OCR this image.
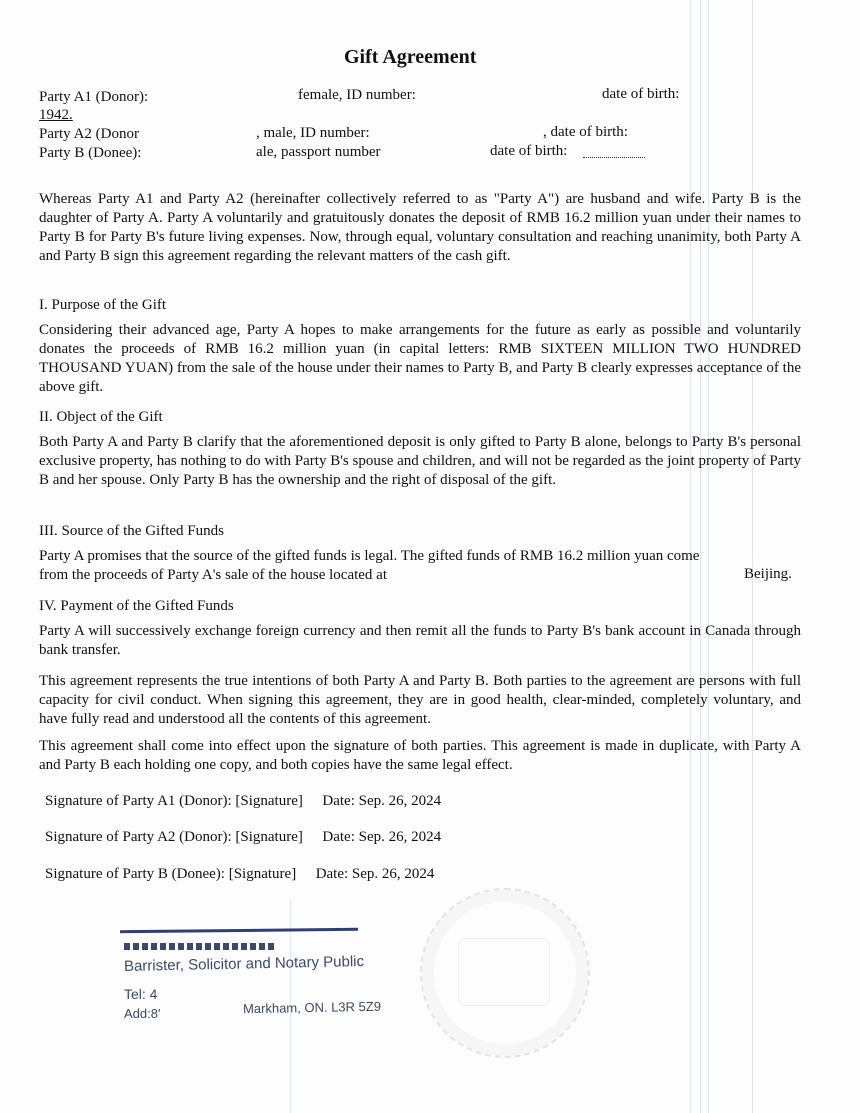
Gift Agreement
Party A1 (Donor):	female, ID number:	date of birth:
1942.
Party A2 (Donor	, male, ID number:	, date of birth:
Party B (Donee):	ale, passport number	date of birth:
Whereas Party A1 and Party A2 (hereinafter collectively referred to as "Party A") are husband and wife. Party B is the daughter of Party A. Party A voluntarily and gratuitously donates the deposit of RMB 16.2 million yuan under their names to Party B for Party B's future living expenses. Now, through equal, voluntary consultation and reaching unanimity, both Party A and Party B sign this agreement regarding the relevant matters of the cash gift.
I. Purpose of the Gift
Considering their advanced age, Party A hopes to make arrangements for the future as early as possible and voluntarily donates the proceeds of RMB 16.2 million yuan (in capital letters: RMB SIXTEEN MILLION TWO HUNDRED THOUSAND YUAN) from the sale of the house under their names to Party B, and Party B clearly expresses acceptance of the above gift.
II. Object of the Gift
Both Party A and Party B clarify that the aforementioned deposit is only gifted to Party B alone, belongs to Party B's personal exclusive property, has nothing to do with Party B's spouse and children, and will not be regarded as the joint property of Party B and her spouse. Only Party B has the ownership and the right of disposal of the gift.
III. Source of the Gifted Funds
Party A promises that the source of the gifted funds is legal. The gifted funds of RMB 16.2 million yuan come
from the proceeds of Party A's sale of the house located at	Beijing.
IV. Payment of the Gifted Funds
Party A will successively exchange foreign currency and then remit all the funds to Party B's bank account in Canada through bank transfer.
This agreement represents the true intentions of both Party A and Party B. Both parties to the agreement are persons with full capacity for civil conduct. When signing this agreement, they are in good health, clear-minded, completely voluntary, and have fully read and understood all the contents of this agreement.
This agreement shall come into effect upon the signature of both parties. This agreement is made in duplicate, with Party A and Party B each holding one copy, and both copies have the same legal effect.
Signature of Party A1 (Donor): [Signature] Date: Sep. 26, 2024
Signature of Party A2 (Donor): [Signature] Date: Sep. 26, 2024
Signature of Party B (Donee): [Signature] Date: Sep. 26, 2024
Barrister, Solicitor and Notary Public
Tel: 4
Add:8'	Markham, ON. L3R 5Z9
